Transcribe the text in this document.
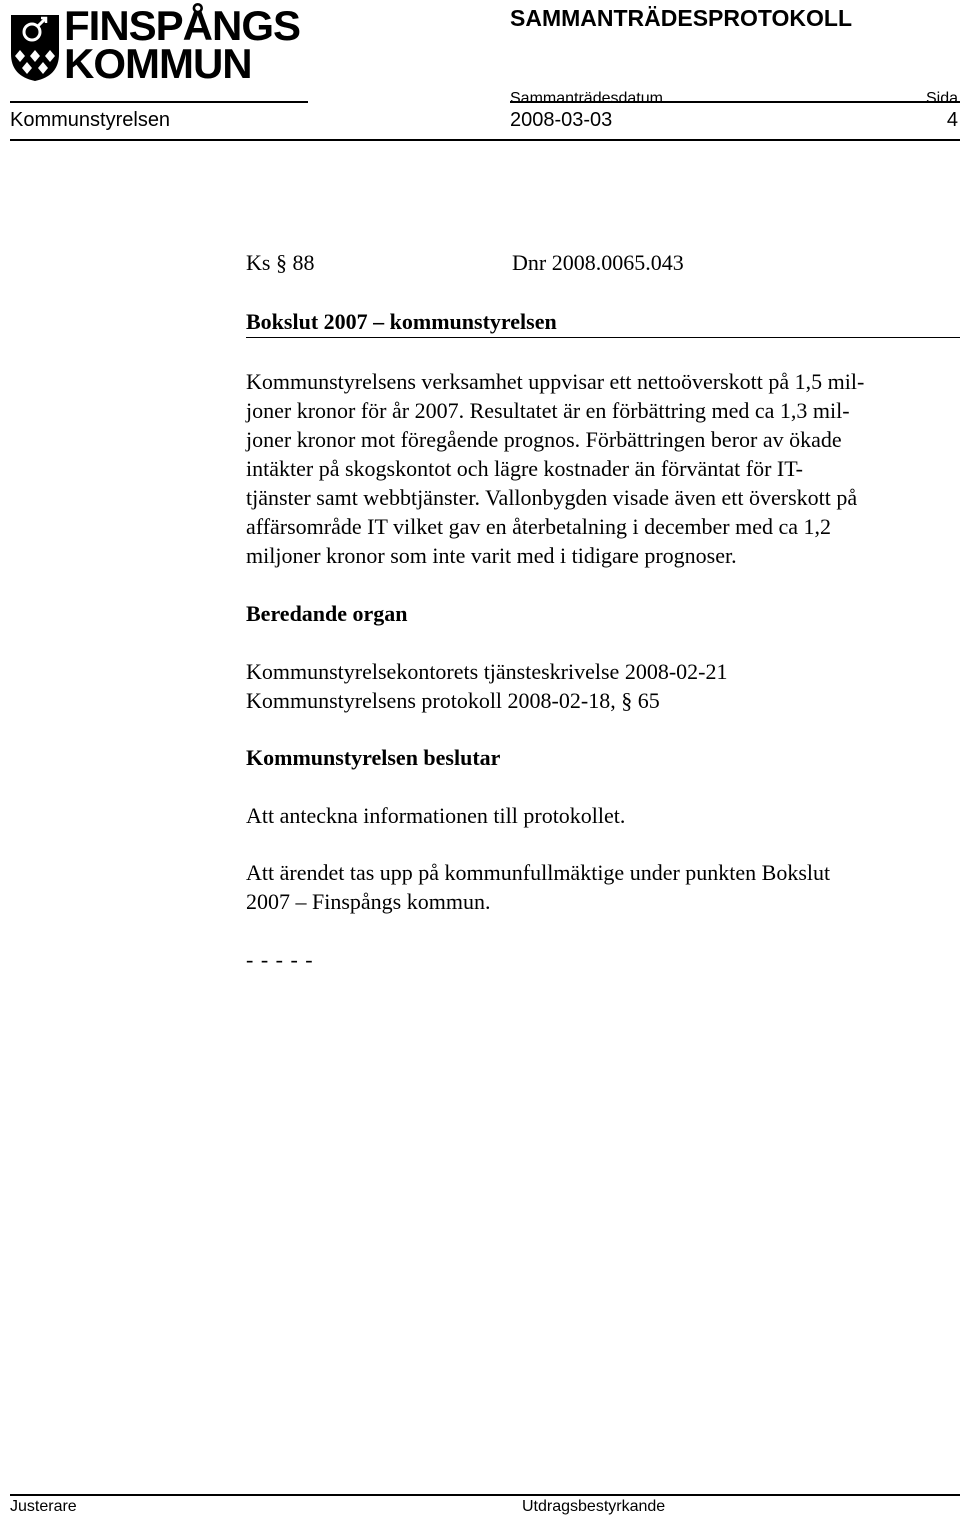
FINSPÅNGS
KOMMUN
SAMMANTRÄDESPROTOKOLL
Sammanträdesdatum	Sida
Kommunstyrelsen	2008-03-03	4
Ks § 88	Dnr 2008.0065.043
Bokslut 2007 – kommunstyrelsen
Kommunstyrelsens verksamhet uppvisar ett nettoöverskott på 1,5 mil-
joner kronor för år 2007. Resultatet är en förbättring med ca 1,3 mil-
joner kronor mot föregående prognos. Förbättringen beror av ökade
intäkter på skogskontot och lägre kostnader än förväntat för IT-
tjänster samt webbtjänster. Vallonbygden visade även ett överskott på
affärsområde IT vilket gav en återbetalning i december med ca 1,2
miljoner kronor som inte varit med i tidigare prognoser.
Beredande organ
Kommunstyrelsekontorets tjänsteskrivelse 2008-02-21
Kommunstyrelsens protokoll 2008-02-18, § 65
Kommunstyrelsen beslutar
Att anteckna informationen till protokollet.
Att ärendet tas upp på kommunfullmäktige under punkten Bokslut
2007 – Finspångs kommun.
- - - - -
Justerare	Utdragsbestyrkande
